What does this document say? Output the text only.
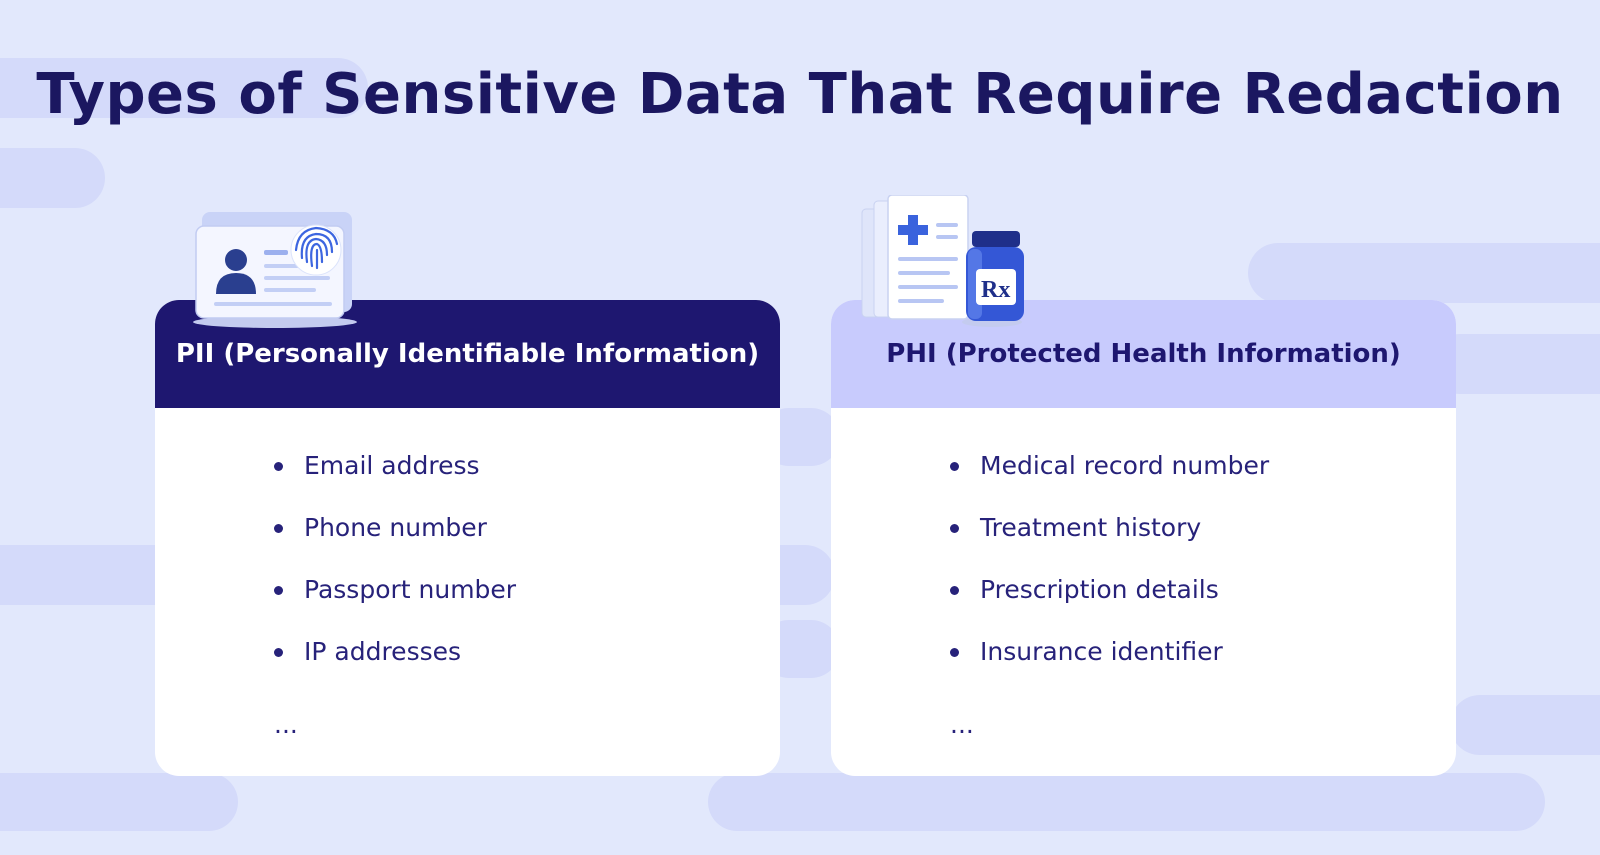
Types of Sensitive Data That Require Redaction
PII (Personally Identifiable Information)
Email address
Phone number
Passport number
IP addresses
...
PHI (Protected Health Information)
Medical record number
Treatment history
Prescription details
Insurance identifier
...
Rx
